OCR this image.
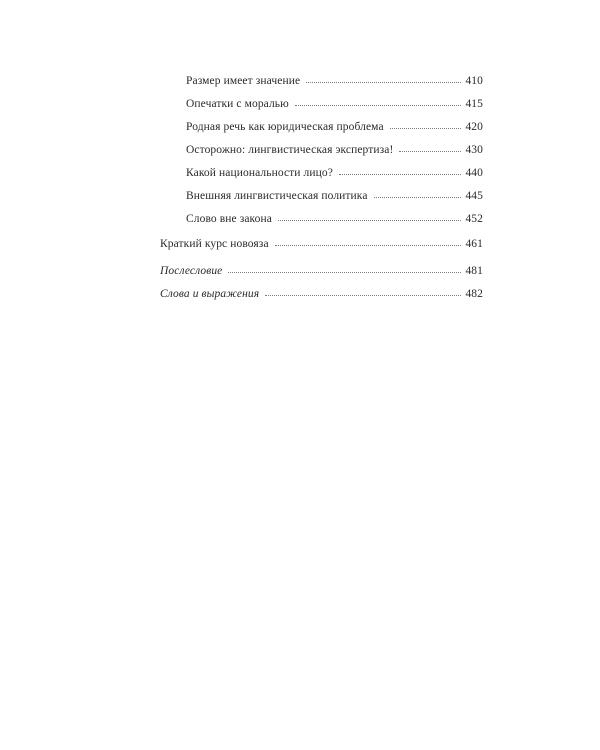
Размер имеет значение	410
Опечатки с моралью	415
Родная речь как юридическая проблема	420
Осторожно: лингвистическая экспертиза!	430
Какой национальности лицо?	440
Внешняя лингвистическая политика	445
Слово вне закона	452
Краткий курс новояза	461
Послесловие	481
Слова и выражения	482
